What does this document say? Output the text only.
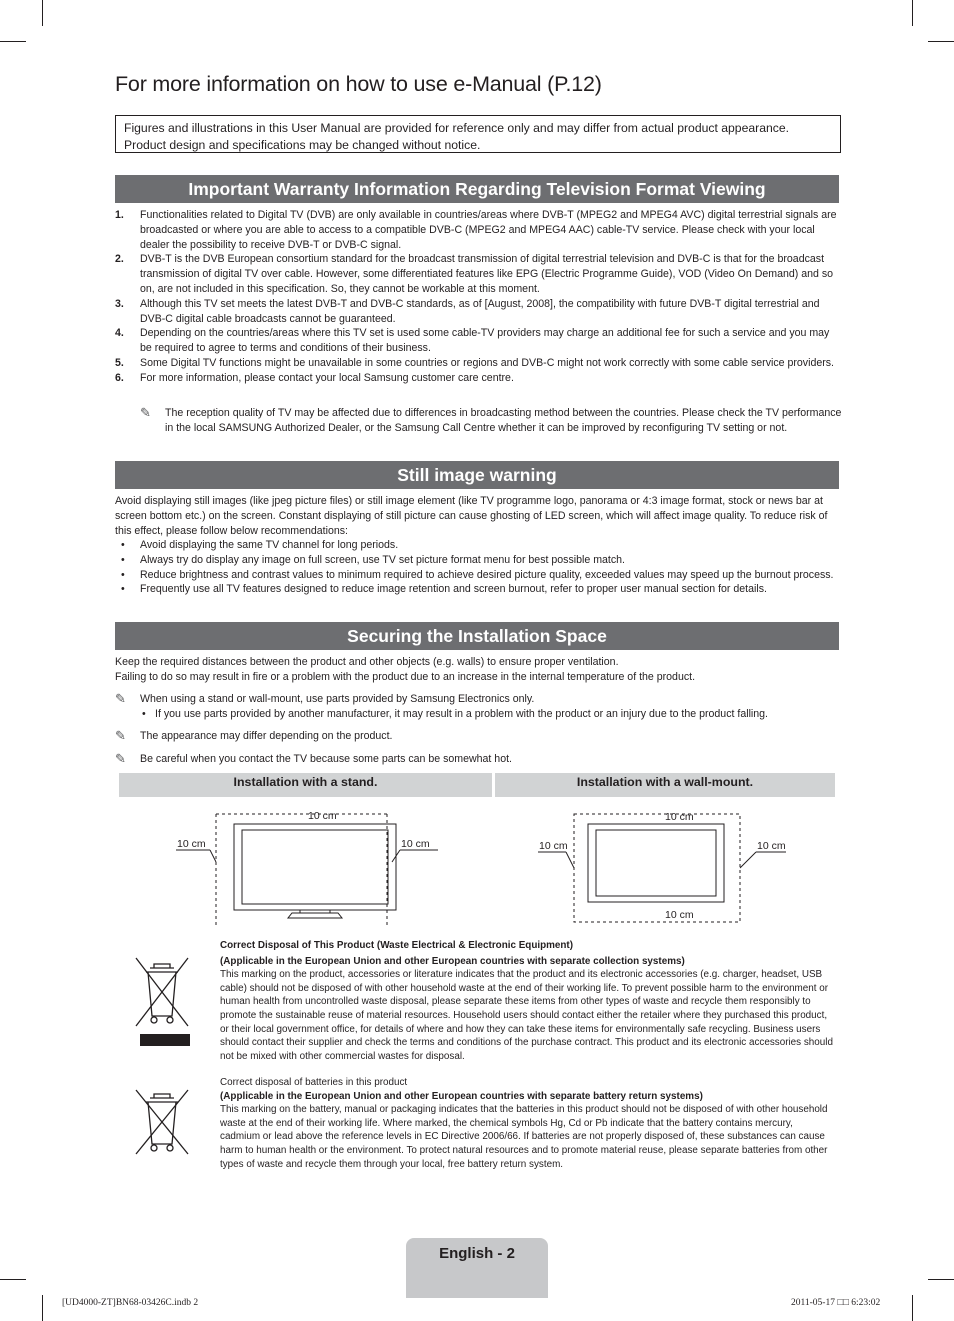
For more information on how to use e-Manual (P.12)
Figures and illustrations in this User Manual are provided for reference only and may differ from actual product appearance.
Product design and specifications may be changed without notice.
Important Warranty Information Regarding Television Format Viewing
1. Functionalities related to Digital TV (DVB) are only available in countries/areas where DVB-T (MPEG2 and MPEG4 AVC) digital terrestrial signals are broadcasted or where you are able to access to a compatible DVB-C (MPEG2 and MPEG4 AAC) cable-TV service. Please check with your local dealer the possibility to receive DVB-T or DVB-C signal.
2. DVB-T is the DVB European consortium standard for the broadcast transmission of digital terrestrial television and DVB-C is that for the broadcast transmission of digital TV over cable. However, some differentiated features like EPG (Electric Programme Guide), VOD (Video On Demand) and so on, are not included in this specification. So, they cannot be workable at this moment.
3. Although this TV set meets the latest DVB-T and DVB-C standards, as of [August, 2008], the compatibility with future DVB-T digital terrestrial and DVB-C digital cable broadcasts cannot be guaranteed.
4. Depending on the countries/areas where this TV set is used some cable-TV providers may charge an additional fee for such a service and you may be required to agree to terms and conditions of their business.
5. Some Digital TV functions might be unavailable in some countries or regions and DVB-C might not work correctly with some cable service providers.
6. For more information, please contact your local Samsung customer care centre.
✎ The reception quality of TV may be affected due to differences in broadcasting method between the countries. Please check the TV performance in the local SAMSUNG Authorized Dealer, or the Samsung Call Centre whether it can be improved by reconfiguring TV setting or not.
Still image warning
Avoid displaying still images (like jpeg picture files) or still image element (like TV programme logo, panorama or 4:3 image format, stock or news bar at screen bottom etc.) on the screen. Constant displaying of still picture can cause ghosting of LED screen, which will affect image quality. To reduce risk of this effect, please follow below recommendations:
• Avoid displaying the same TV channel for long periods.
• Always try do display any image on full screen, use TV set picture format menu for best possible match.
• Reduce brightness and contrast values to minimum required to achieve desired picture quality, exceeded values may speed up the burnout process.
• Frequently use all TV features designed to reduce image retention and screen burnout, refer to proper user manual section for details.
Securing the Installation Space
Keep the required distances between the product and other objects (e.g. walls) to ensure proper ventilation.
Failing to do so may result in fire or a problem with the product due to an increase in the internal temperature of the product.
✎ When using a stand or wall-mount, use parts provided by Samsung Electronics only.
• If you use parts provided by another manufacturer, it may result in a problem with the product or an injury due to the product falling.
✎ The appearance may differ depending on the product.
✎ Be careful when you contact the TV because some parts can be somewhat hot.
Installation with a stand.	Installation with a wall-mount.
10 cm
10 cm	10 cm
10 cm
10 cm	10 cm
10 cm
Correct Disposal of This Product (Waste Electrical & Electronic Equipment)
(Applicable in the European Union and other European countries with separate collection systems)
This marking on the product, accessories or literature indicates that the product and its electronic accessories (e.g. charger, headset, USB cable) should not be disposed of with other household waste at the end of their working life. To prevent possible harm to the environment or human health from uncontrolled waste disposal, please separate these items from other types of waste and recycle them responsibly to promote the sustainable reuse of material resources. Household users should contact either the retailer where they purchased this product, or their local government office, for details of where and how they can take these items for environmentally safe recycling. Business users should contact their supplier and check the terms and conditions of the purchase contract. This product and its electronic accessories should not be mixed with other commercial wastes for disposal.
Correct disposal of batteries in this product
(Applicable in the European Union and other European countries with separate battery return systems)
This marking on the battery, manual or packaging indicates that the batteries in this product should not be disposed of with other household waste at the end of their working life. Where marked, the chemical symbols Hg, Cd or Pb indicate that the battery contains mercury, cadmium or lead above the reference levels in EC Directive 2006/66. If batteries are not properly disposed of, these substances can cause harm to human health or the environment. To protect natural resources and to promote material reuse, please separate batteries from other types of waste and recycle them through your local, free battery return system.
English - 2
[UD4000-ZT]BN68-03426C.indb 2	2011-05-17 □□ 6:23:02
